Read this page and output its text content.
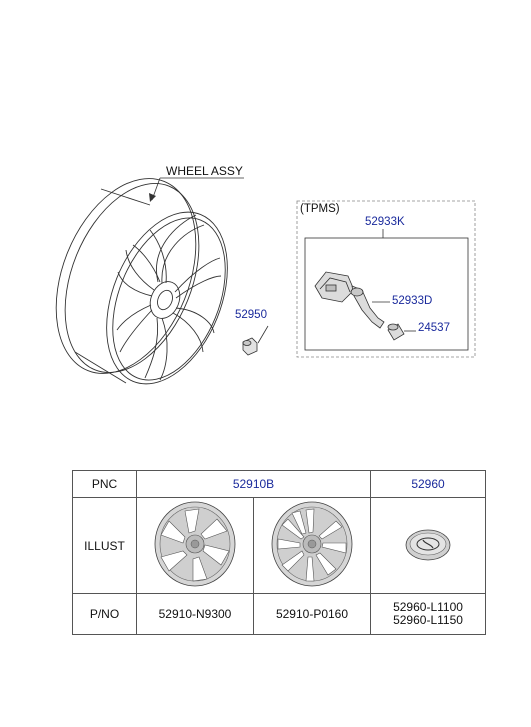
WHEEL ASSY
(TPMS)
52933K
52933D
24537
52950
PNC	52910B		52960
ILLUST			
P/NO	52910-N9300	52910-P0160	52960-L1100
52960-L1150
